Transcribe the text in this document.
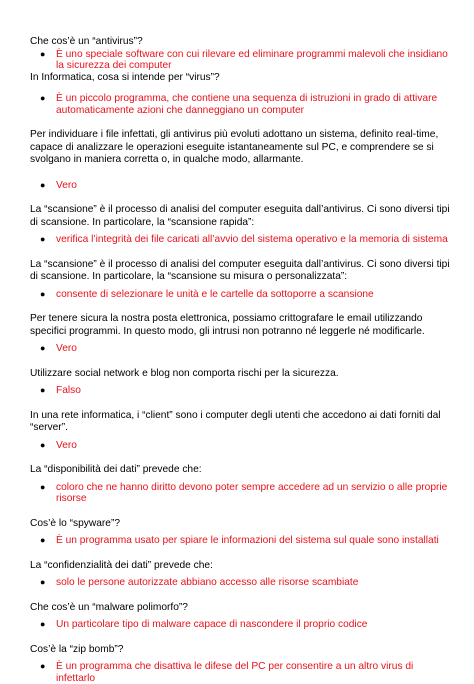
Che cos’è un “antivirus”?

● È uno speciale software con cui rilevare ed eliminare programmi malevoli che insidiano la sicurezza dei computer

In Informatica, cosa si intende per “virus”?

● È un piccolo programma, che contiene una sequenza di istruzioni in grado di attivare automaticamente azioni che danneggiano un computer

Per individuare i file infettati, gli antivirus più evoluti adottano un sistema, definito real-time, capace di analizzare le operazioni eseguite istantaneamente sul PC, e comprendere se si svolgano in maniera corretta o, in qualche modo, allarmante.

● Vero

La “scansione” è il processo di analisi del computer eseguita dall’antivirus. Ci sono diversi tipi di scansione. In particolare, la “scansione rapida”:

● verifica l’integrità dei file caricati all’avvio del sistema operativo e la memoria di sistema

La “scansione” è il processo di analisi del computer eseguita dall’antivirus. Ci sono diversi tipi di scansione. In particolare, la “scansione su misura o personalizzata”:

● consente di selezionare le unità e le cartelle da sottoporre a scansione

Per tenere sicura la nostra posta elettronica, possiamo crittografare le email utilizzando specifici programmi. In questo modo, gli intrusi non potranno né leggerle né modificarle.

● Vero

Utilizzare social network e blog non comporta rischi per la sicurezza.

● Falso

In una rete informatica, i “client” sono i computer degli utenti che accedono ai dati forniti dal “server”.

● Vero

La “disponibilità dei dati” prevede che:

● coloro che ne hanno diritto devono poter sempre accedere ad un servizio o alle proprie risorse

Cos’è lo “spyware”?

● È un programma usato per spiare le informazioni del sistema sul quale sono installati

La “confidenzialità dei dati” prevede che:

● solo le persone autorizzate abbiano accesso alle risorse scambiate

Che cos’è un “malware polimorfo”?

● Un particolare tipo di malware capace di nascondere il proprio codice

Cos’è la “zip bomb”?

● È un programma che disattiva le difese del PC per consentire a un altro virus di infettarlo
